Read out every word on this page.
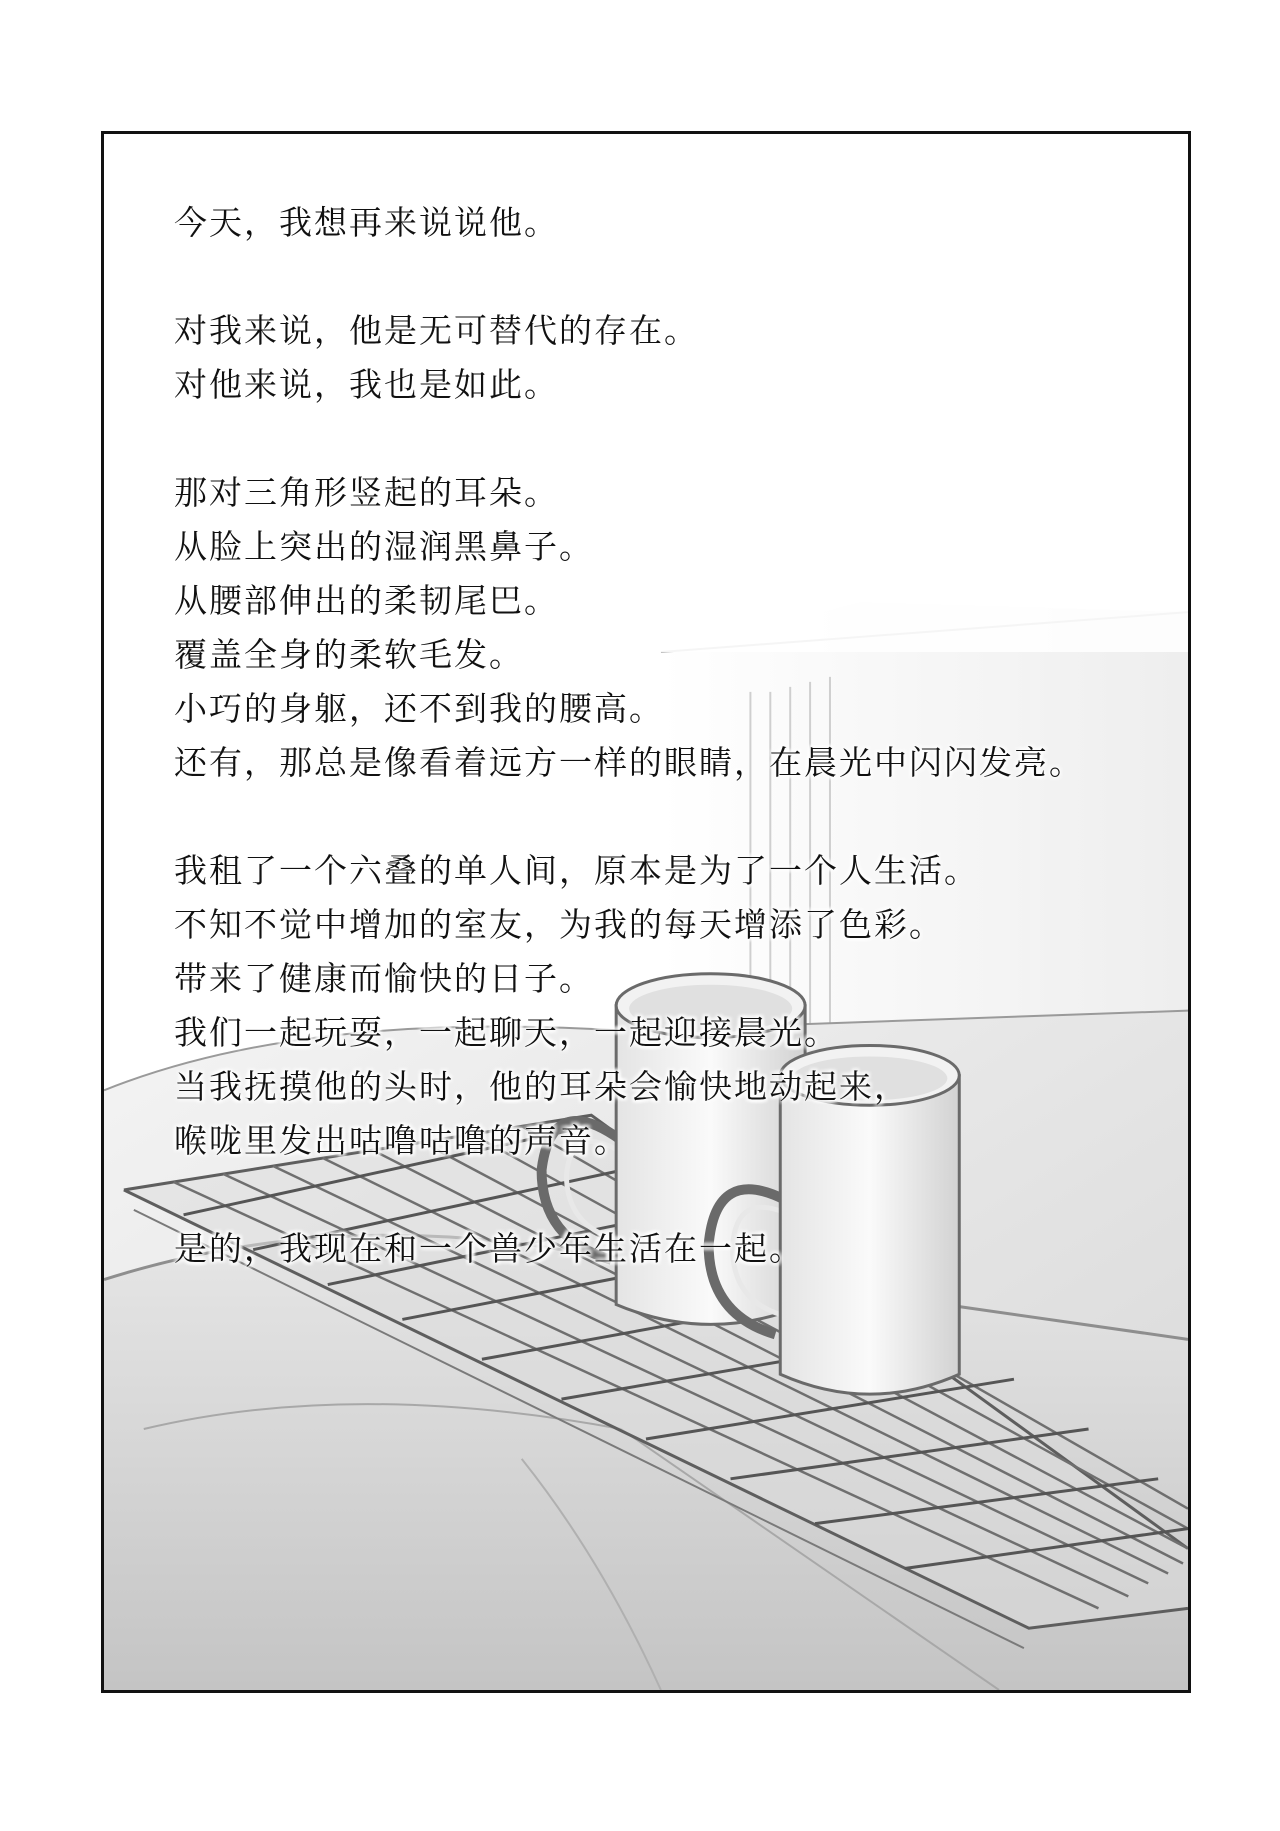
今天，我想再来说说他。
对我来说，他是无可替代的存在。
对他来说，我也是如此。
那对三角形竖起的耳朵。
从脸上突出的湿润黑鼻子。
从腰部伸出的柔韧尾巴。
覆盖全身的柔软毛发。
小巧的身躯，还不到我的腰高。
还有，那总是像看着远方一样的眼睛，在晨光中闪闪发亮。
我租了一个六叠的单人间，原本是为了一个人生活。
不知不觉中增加的室友，为我的每天增添了色彩。
带来了健康而愉快的日子。
我们一起玩耍，一起聊天，一起迎接晨光。
当我抚摸他的头时，他的耳朵会愉快地动起来，
喉咙里发出咕噜咕噜的声音。
是的，我现在和一个兽少年生活在一起。
